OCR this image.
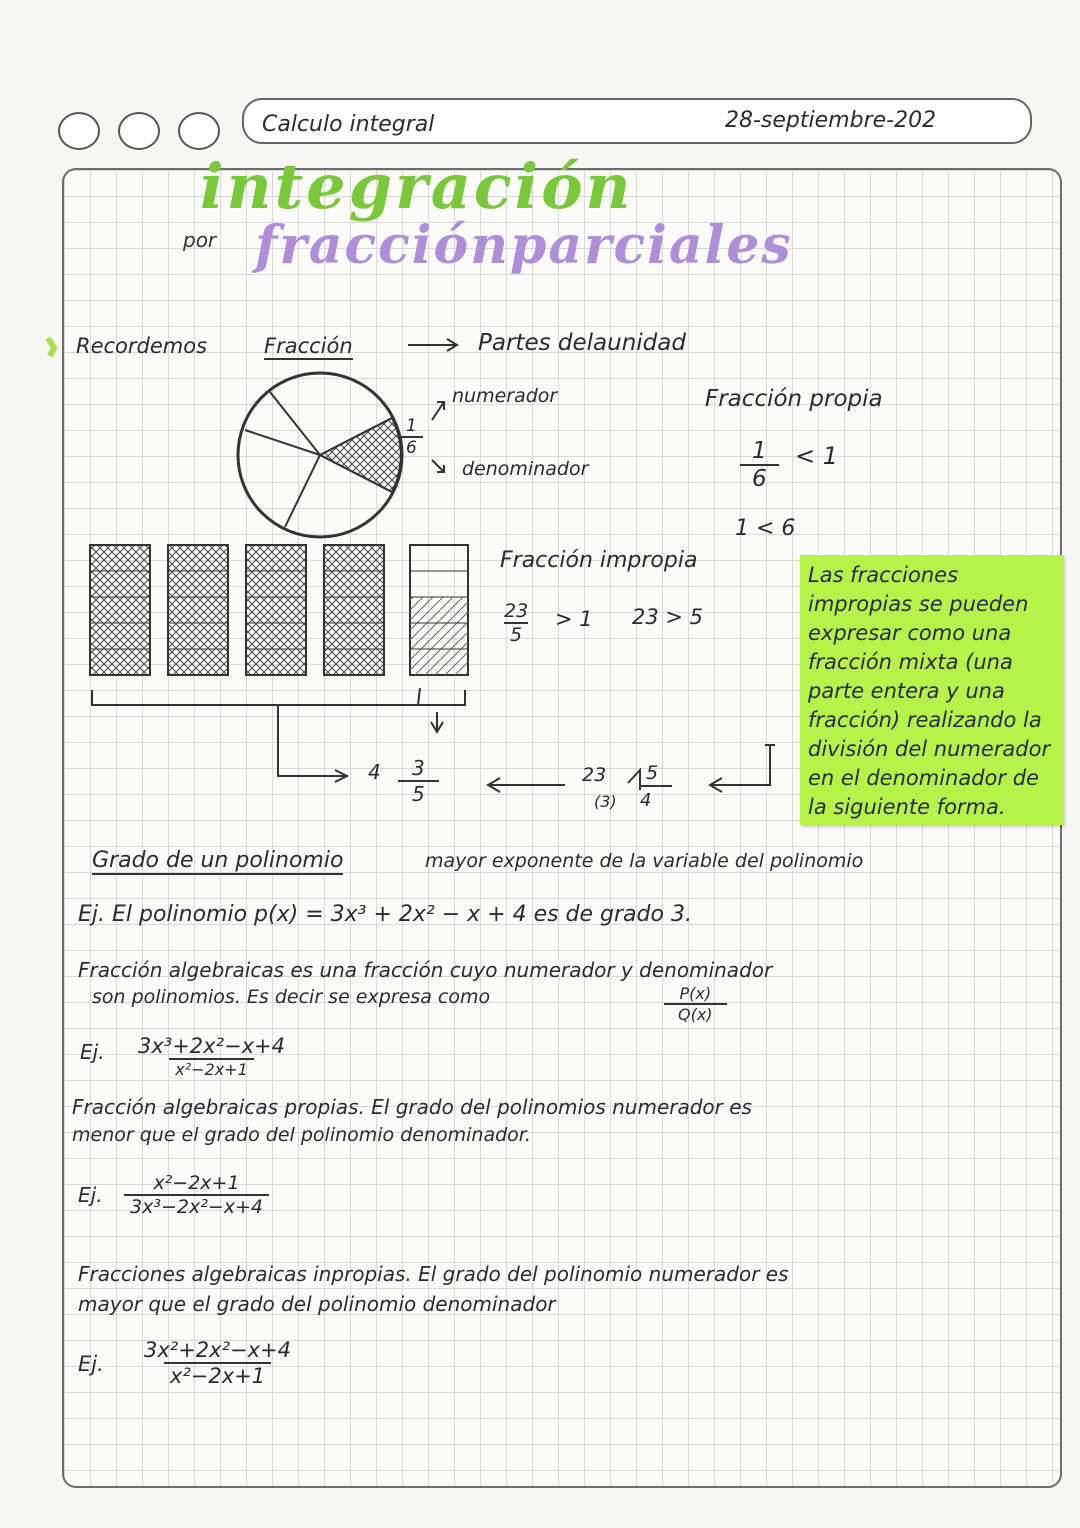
Calculo integral	28-septiembre-202
integración
por fracciónparciales
Recordemos	Fracción	Partes delaunidad
$\frac{1}{6}$
numerador
denominador
Fracción propia
$\frac{1}{6} < 1$
1 < 6
Fracción impropia
$\frac{23}{5} > 1$ 23 > 5
$4 \frac{3}{5}$	23 5
(3) 4
Las fracciones impropias se pueden expresar como una fracción mixta (una parte entera y una fracción) realizando la división del numerador en el denominador de la siguiente forma.
Grado de un polinomio	mayor exponente de la variable del polinomio
Ej. El polinomio p(x) = 3x³ + 2x² − x + 4 es de grado 3.
Fracción algebraicas es una fracción cuyo numerador y denominador
son polinomios. Es decir se expresa como	$\frac{P(x)}{Q(x)}$
Ej. 3x³+2x²−x+4
x²−2x+1
Fracción algebraicas propias. El grado del polinomios numerador es
menor que el grado del polinomio denominador.
Ej. $\frac{\text{x²−2x+1}}{\text{3x³−2x²−x+4}}$
Fracciones algebraicas inpropias. El grado del polinomio numerador es
mayor que el grado del polinomio denominador
Ej. $\frac{\text{3x²+2x²−x+4}}{\text{x²−2x+1}}$
